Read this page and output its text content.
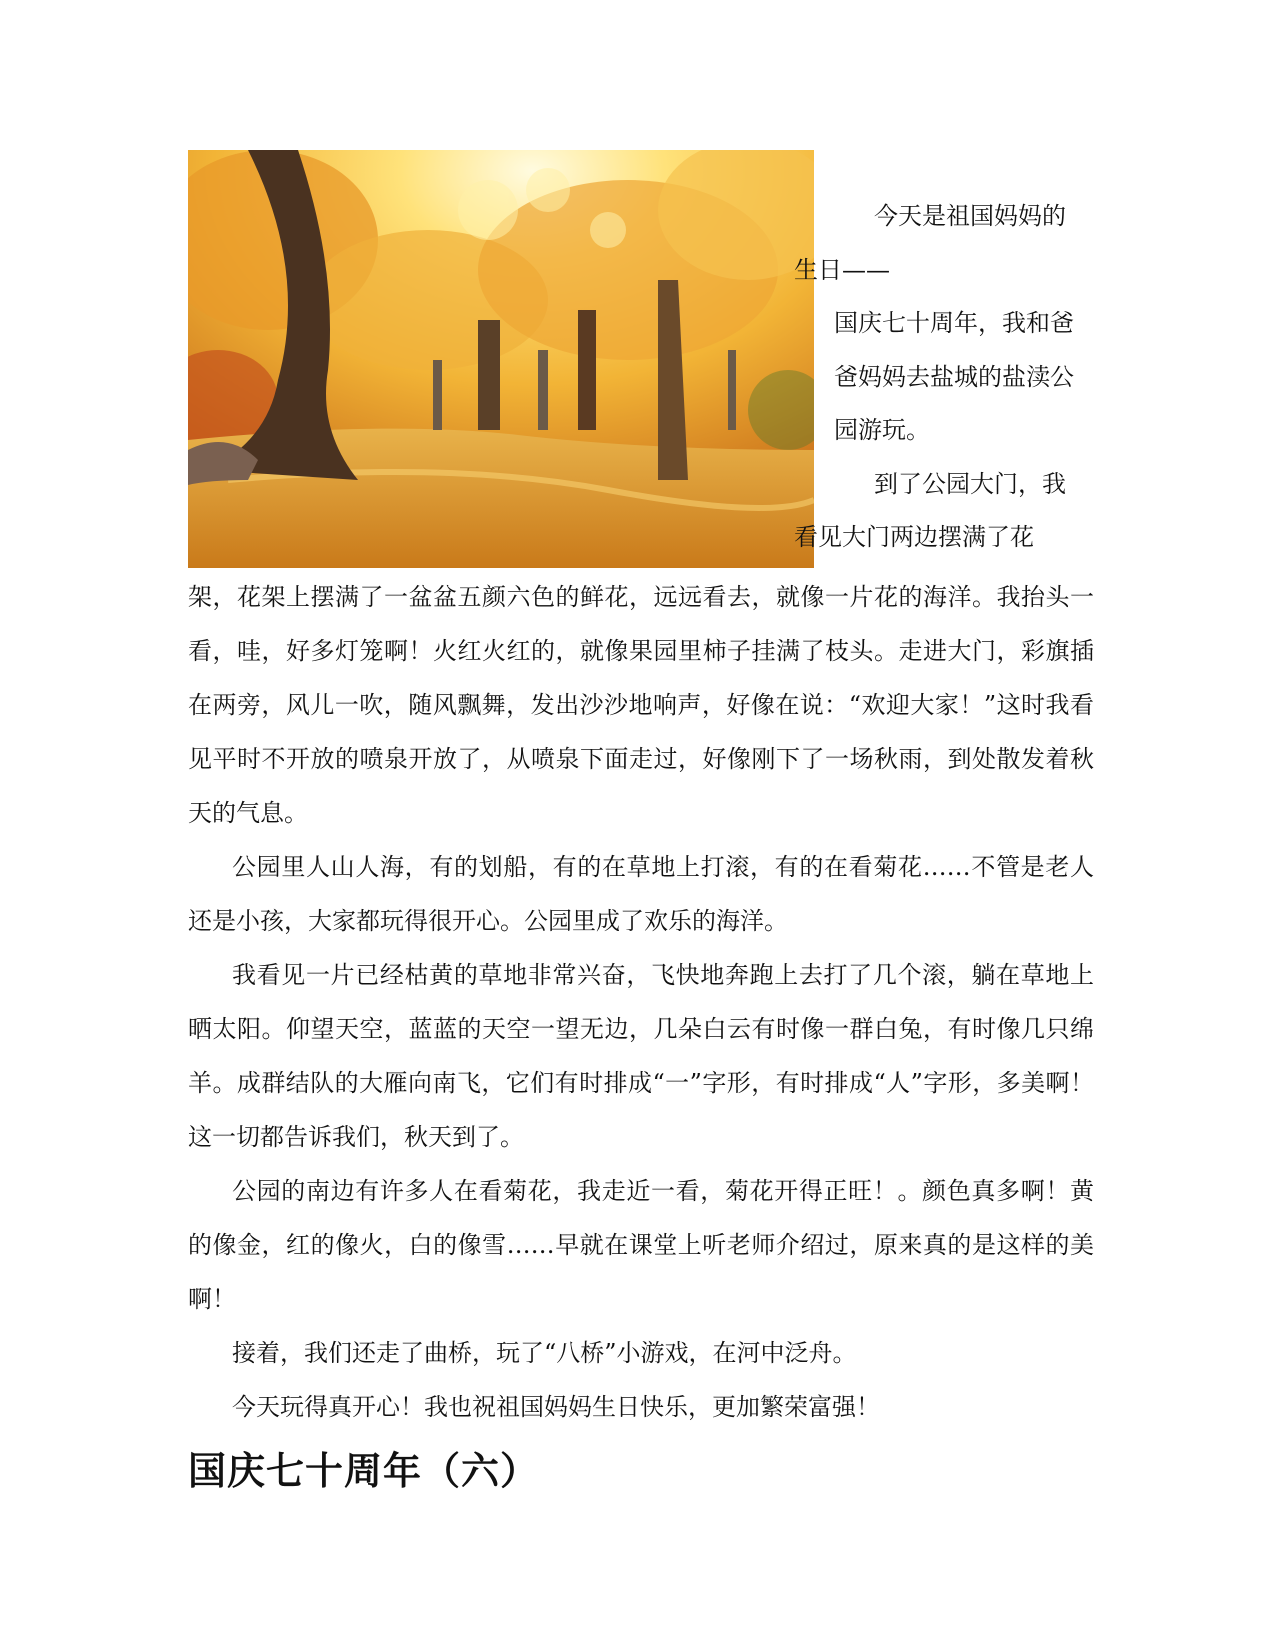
今天是祖国妈妈的
生日——

国庆七十周年，我和爸
爸妈妈去盐城的盐渎公
园游玩。

到了公园大门，我
看见大门两边摆满了花

架，花架上摆满了一盆盆五颜六色的鲜花，远远看去，就像一片花的海洋。我抬头一看，哇，好多灯笼啊！火红火红的，就像果园里柿子挂满了枝头。走进大门，彩旗插在两旁，风儿一吹，随风飘舞，发出沙沙地响声，好像在说：“欢迎大家！”这时我看见平时不开放的喷泉开放了，从喷泉下面走过，好像刚下了一场秋雨，到处散发着秋天的气息。

公园里人山人海，有的划船，有的在草地上打滚，有的在看菊花……不管是老人还是小孩，大家都玩得很开心。公园里成了欢乐的海洋。

我看见一片已经枯黄的草地非常兴奋，飞快地奔跑上去打了几个滚，躺在草地上晒太阳。仰望天空，蓝蓝的天空一望无边，几朵白云有时像一群白兔，有时像几只绵羊。成群结队的大雁向南飞，它们有时排成“一”字形，有时排成“人”字形，多美啊！这一切都告诉我们，秋天到了。

公园的南边有许多人在看菊花，我走近一看，菊花开得正旺！。颜色真多啊！黄的像金，红的像火，白的像雪……早就在课堂上听老师介绍过，原来真的是这样的美啊！

接着，我们还走了曲桥，玩了“八桥”小游戏，在河中泛舟。

今天玩得真开心！我也祝祖国妈妈生日快乐，更加繁荣富强！

国庆七十周年（六）
